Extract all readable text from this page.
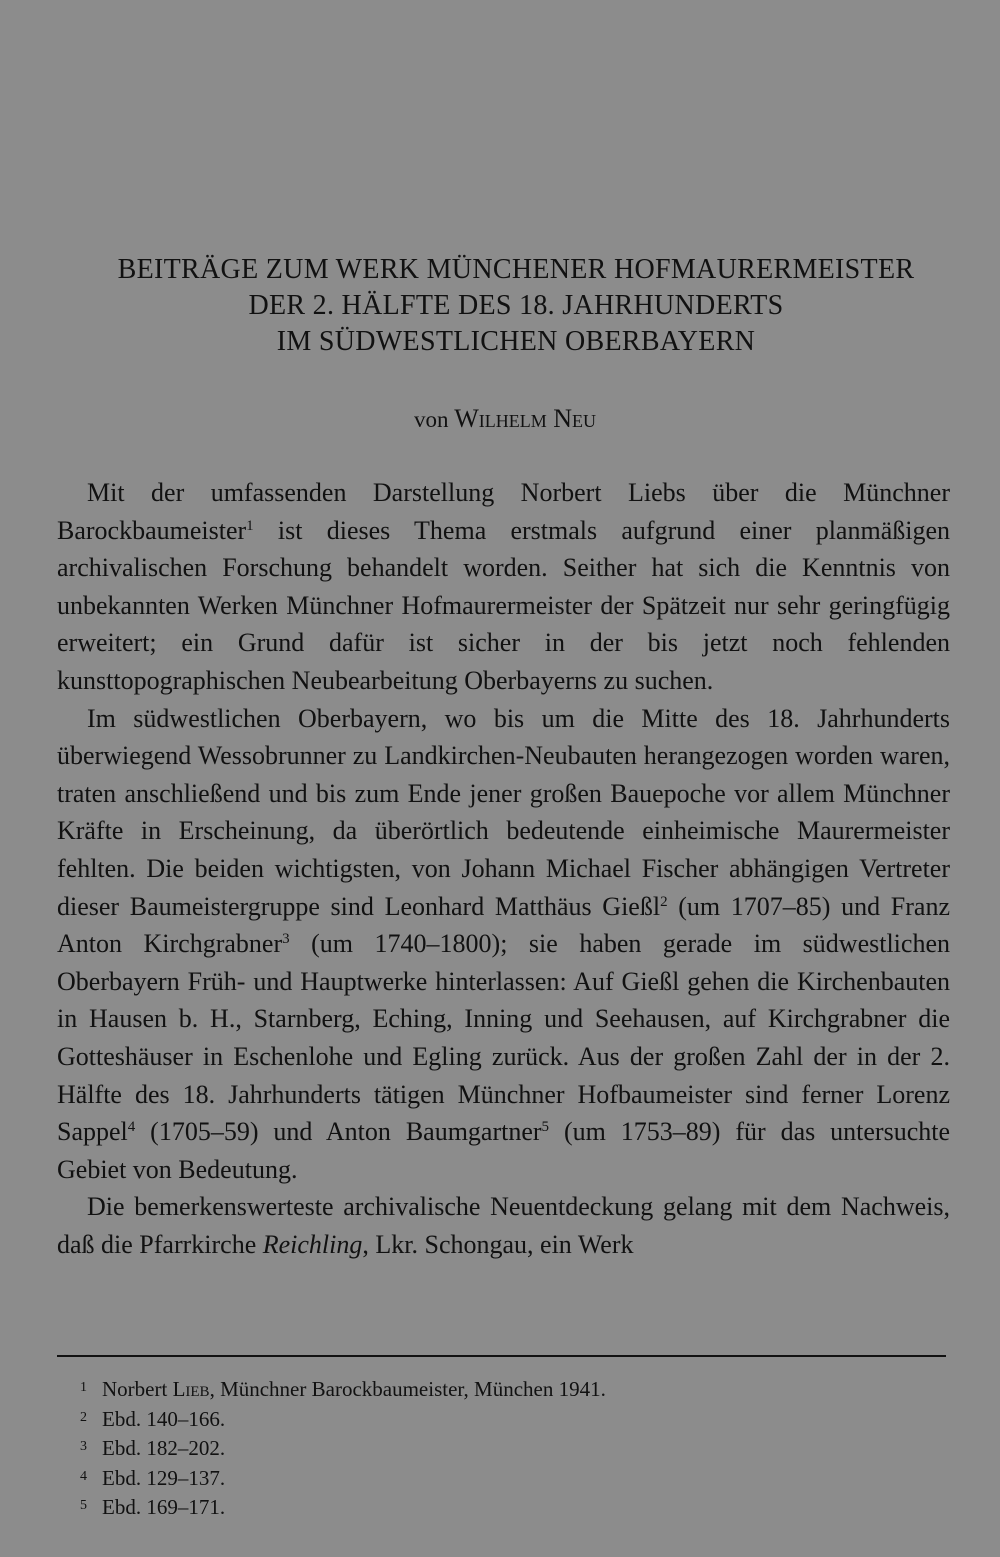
BEITRÄGE ZUM WERK MÜNCHENER HOFMAURERMEISTER
DER 2. HÄLFTE DES 18. JAHRHUNDERTS
IM SÜDWESTLICHEN OBERBAYERN
von Wilhelm Neu

Mit der umfassenden Darstellung Norbert Liebs über die Münchner Barockbaumeister$^1$ ist dieses Thema erstmals aufgrund einer planmäßigen archivalischen Forschung behandelt worden. Seither hat sich die Kenntnis von unbekannten Werken Münchner Hofmaurermeister der Spätzeit nur sehr geringfügig erweitert; ein Grund dafür ist sicher in der bis jetzt noch fehlenden kunsttopographischen Neubearbeitung Oberbayerns zu suchen.

Im südwestlichen Oberbayern, wo bis um die Mitte des 18. Jahrhunderts überwiegend Wessobrunner zu Landkirchen-Neubauten herangezogen worden waren, traten anschließend und bis zum Ende jener großen Bauepoche vor allem Münchner Kräfte in Erscheinung, da überörtlich bedeutende einheimische Maurermeister fehlten. Die beiden wichtigsten, von Johann Michael Fischer abhängigen Vertreter dieser Baumeistergruppe sind Leonhard Matthäus Gießl$^2$ (um 1707–85) und Franz Anton Kirchgrabner$^3$ (um 1740–1800); sie haben gerade im südwestlichen Oberbayern Früh- und Hauptwerke hinterlassen: Auf Gießl gehen die Kirchenbauten in Hausen b. H., Starnberg, Eching, Inning und Seehausen, auf Kirchgrabner die Gotteshäuser in Eschenlohe und Egling zurück. Aus der großen Zahl der in der 2. Hälfte des 18. Jahrhunderts tätigen Münchner Hofbaumeister sind ferner Lorenz Sappel$^4$ (1705–59) und Anton Baumgartner$^5$ (um 1753–89) für das untersuchte Gebiet von Bedeutung.

Die bemerkenswerteste archivalische Neuentdeckung gelang mit dem Nachweis, daß die Pfarrkirche Reichling, Lkr. Schongau, ein Werk

1 Norbert Lieb, Münchner Barockbaumeister, München 1941.
2 Ebd. 140–166.
3 Ebd. 182–202.
4 Ebd. 129–137.
5 Ebd. 169–171.
